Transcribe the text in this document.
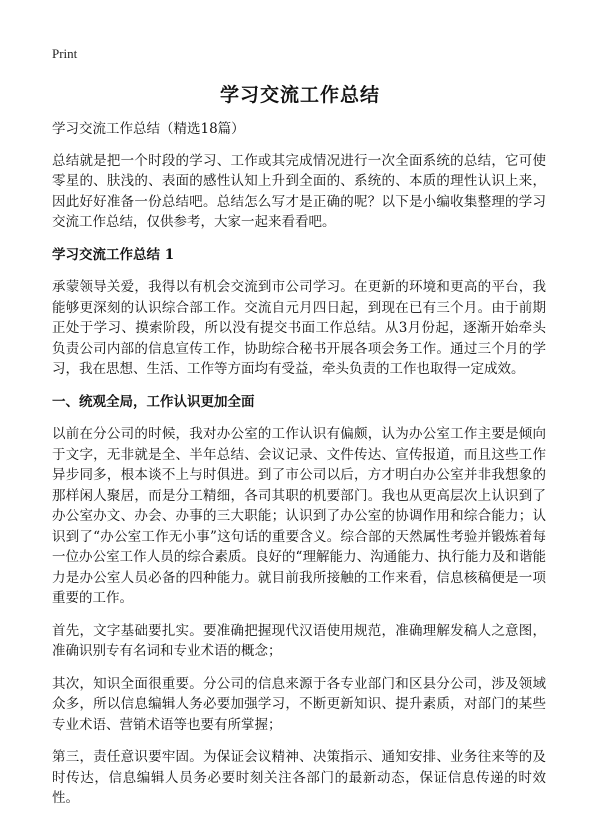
Print
学习交流工作总结

学习交流工作总结（精选18篇）

总结就是把一个时段的学习、工作或其完成情况进行一次全面系统的总结，它可使零星的、肤浅的、表面的感性认知上升到全面的、系统的、本质的理性认识上来，因此好好准备一份总结吧。总结怎么写才是正确的呢？以下是小编收集整理的学习交流工作总结，仅供参考，大家一起来看看吧。

学习交流工作总结 1

承蒙领导关爱，我得以有机会交流到市公司学习。在更新的环境和更高的平台，我能够更深刻的认识综合部工作。交流自元月四日起，到现在已有三个月。由于前期正处于学习、摸索阶段，所以没有提交书面工作总结。从3月份起，逐渐开始牵头负责公司内部的信息宣传工作，协助综合秘书开展各项会务工作。通过三个月的学习，我在思想、生活、工作等方面均有受益，牵头负责的工作也取得一定成效。

一、统观全局，工作认识更加全面

以前在分公司的时候，我对办公室的工作认识有偏颇，认为办公室工作主要是倾向于文字，无非就是全、半年总结、会议记录、文件传达、宣传报道，而且这些工作异步同多，根本谈不上与时俱进。到了市公司以后，方才明白办公室并非我想象的那样闲人聚居，而是分工精细，各司其职的机要部门。我也从更高层次上认识到了办公室办文、办会、办事的三大职能；认识到了办公室的协调作用和综合能力；认识到了“办公室工作无小事”这句话的重要含义。综合部的天然属性考验并锻炼着每一位办公室工作人员的综合素质。良好的“理解能力、沟通能力、执行能力及和谐能力是办公室人员必备的四种能力。就目前我所接触的工作来看，信息核稿便是一项重要的工作。

首先，文字基础要扎实。要准确把握现代汉语使用规范，准确理解发稿人之意图，准确识别专有名词和专业术语的概念；

其次，知识全面很重要。分公司的信息来源于各专业部门和区县分公司，涉及领域众多，所以信息编辑人务必要加强学习，不断更新知识、提升素质，对部门的某些专业术语、营销术语等也要有所掌握；

第三，责任意识要牢固。为保证会议精神、决策指示、通知安排、业务往来等的及时传达，信息编辑人员务必要时刻关注各部门的最新动态，保证信息传递的时效性。
